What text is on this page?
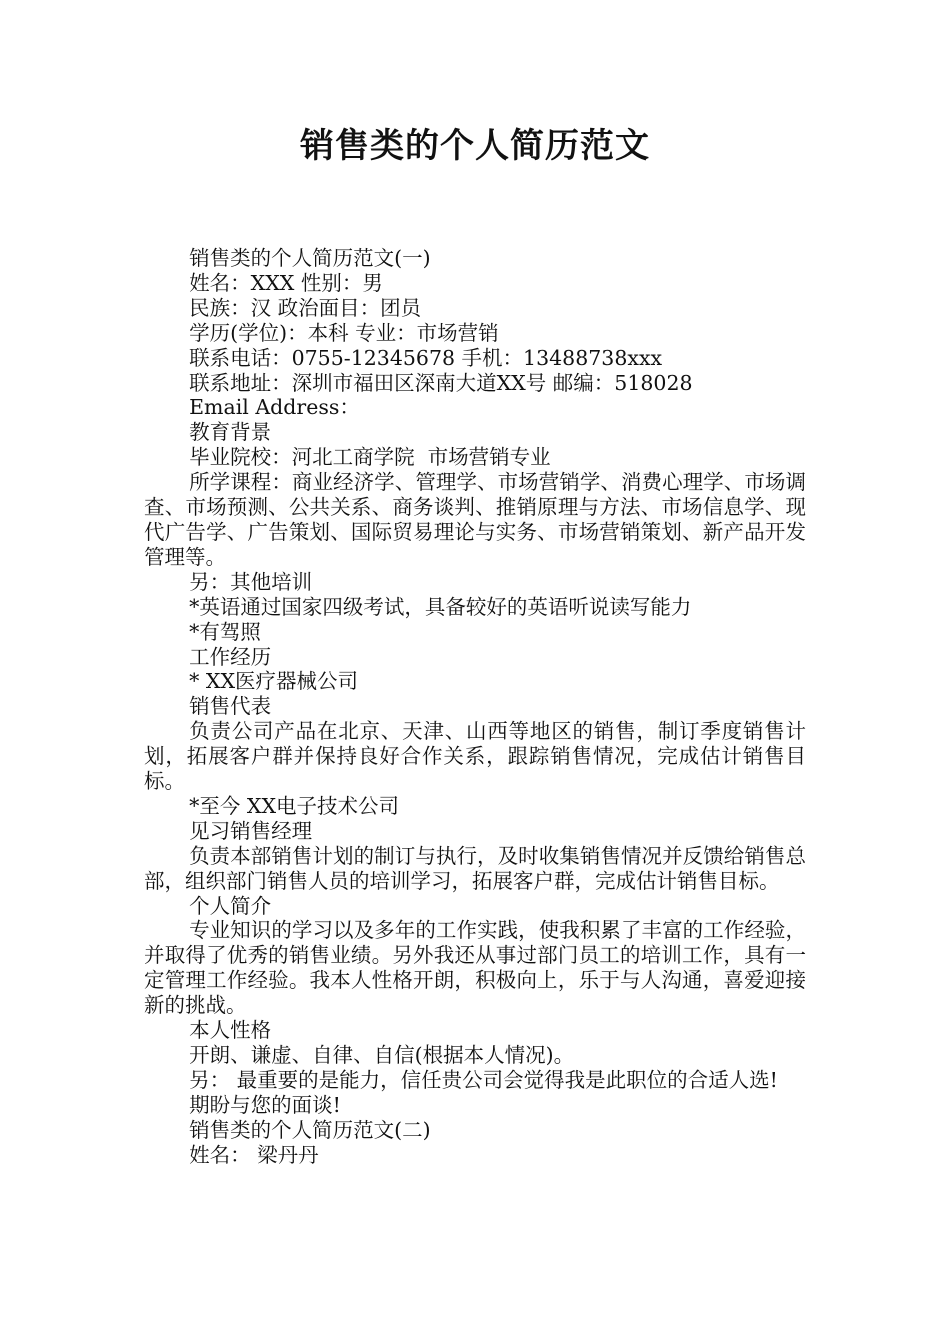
销售类的个人简历范文

销售类的个人简历范文(一)

姓名：XXX 性别：男

民族：汉 政治面目：团员

学历(学位)：本科 专业：市场营销

联系电话：0755-12345678 手机：13488738xxx

联系地址：深圳市福田区深南大道XX号 邮编：518028

Email Address：

教育背景

毕业院校：河北工商学院  市场营销专业

所学课程：商业经济学、管理学、市场营销学、消费心理学、市场调查、市场预测、公共关系、商务谈判、推销原理与方法、市场信息学、现代广告学、广告策划、国际贸易理论与实务、市场营销策划、新产品开发管理等。

另：其他培训

*英语通过国家四级考试，具备较好的英语听说读写能力

*有驾照

工作经历

* XX医疗器械公司

销售代表

负责公司产品在北京、天津、山西等地区的销售，制订季度销售计划，拓展客户群并保持良好合作关系，跟踪销售情况，完成估计销售目标。

*至今 XX电子技术公司

见习销售经理

负责本部销售计划的制订与执行，及时收集销售情况并反馈给销售总部，组织部门销售人员的培训学习，拓展客户群，完成估计销售目标。

个人简介

专业知识的学习以及多年的工作实践，使我积累了丰富的工作经验，并取得了优秀的销售业绩。另外我还从事过部门员工的培训工作，具有一定管理工作经验。我本人性格开朗，积极向上，乐于与人沟通，喜爱迎接新的挑战。

本人性格

开朗、谦虚、自律、自信(根据本人情况)。

另： 最重要的是能力，信任贵公司会觉得我是此职位的合适人选!

期盼与您的面谈!

销售类的个人简历范文(二)

姓名： 梁丹丹
